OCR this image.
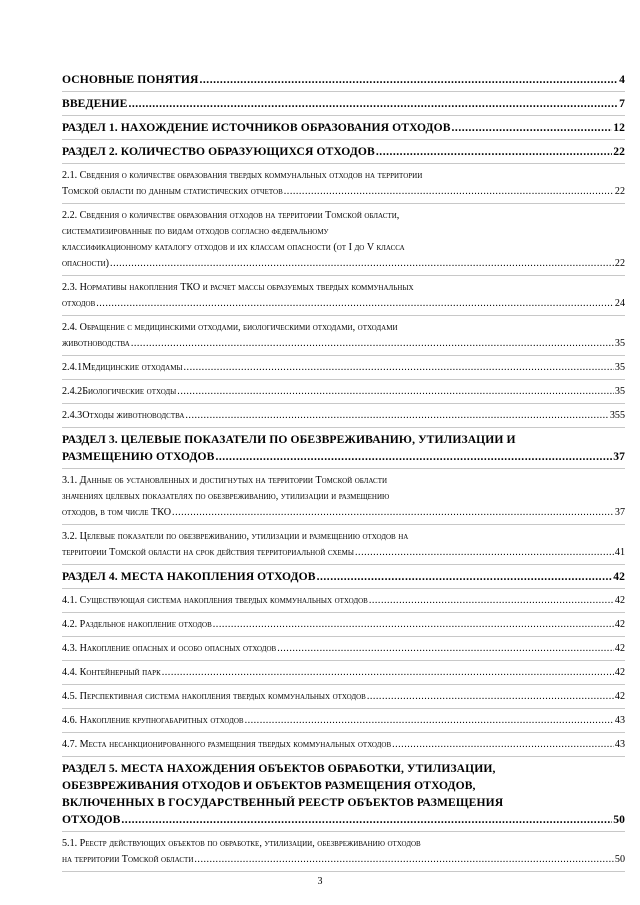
ОСНОВНЫЕ ПОНЯТИЯ .....	4
ВВЕДЕНИЕ .....	7
РАЗДЕЛ 1. НАХОЖДЕНИЕ ИСТОЧНИКОВ ОБРАЗОВАНИЯ ОТХОДОВ .....	12
РАЗДЕЛ 2. КОЛИЧЕСТВО ОБРАЗУЮЩИХСЯ ОТХОДОВ .....	22
2.1. Сведения о количестве образования твердых коммунальных отходов на территории
Томской области по данным статистических отчетов .....	22
2.2. Сведения о количестве образования отходов на территории Томской области,
систематизированные по видам отходов согласно федеральному
классификационному каталогу отходов и их классам опасности (от I до V класса
опасности) .....	22
2.3. Нормативы накопления ТКО и расчет массы образуемых твердых коммунальных
отходов .....	24
2.4. Обращение с медицинскими отходами, биологическими отходами, отходами
животноводства .....	35
2.4.1Медицинские отходамы .....	35
2.4.2Биологические отходы .....	35
2.4.3Отходы животноводства .....	355
РАЗДЕЛ 3. ЦЕЛЕВЫЕ ПОКАЗАТЕЛИ ПО ОБЕЗВРЕЖИВАНИЮ, УТИЛИЗАЦИИ И
РАЗМЕЩЕНИЮ ОТХОДОВ .....	37
3.1. Данные об установленных и достигнутых на территории Томской области
значениях целевых показателях по обезвреживанию, утилизации и размещению
отходов, в том числе ТКО .....	37
3.2. Целевые показатели по обезвреживанию, утилизации и размещению отходов на
территории Томской области на срок действия территориальной схемы .....	41
РАЗДЕЛ 4. МЕСТА НАКОПЛЕНИЯ ОТХОДОВ .....	42
4.1. Существующая система накопления твердых коммунальных отходов .....	42
4.2. Раздельное накопление отходов .....	42
4.3. Накопление опасных и особо опасных отходов .....	42
4.4. Контейнерный парк .....	42
4.5. Перспективная система накопления твердых коммунальных отходов .....	42
4.6. Накопление крупногабаритных отходов .....	43
4.7. Места несанкционированного размещения твердых коммунальных отходов .....	43
РАЗДЕЛ 5. МЕСТА НАХОЖДЕНИЯ ОБЪЕКТОВ ОБРАБОТКИ, УТИЛИЗАЦИИ,
ОБЕЗВРЕЖИВАНИЯ ОТХОДОВ И ОБЪЕКТОВ РАЗМЕЩЕНИЯ ОТХОДОВ,
ВКЛЮЧЕННЫХ В ГОСУДАРСТВЕННЫЙ РЕЕСТР ОБЪЕКТОВ РАЗМЕЩЕНИЯ
ОТХОДОВ .....	50
5.1. Реестр действующих объектов по обработке, утилизации, обезвреживанию отходов
на территории Томской области .....	50
3
